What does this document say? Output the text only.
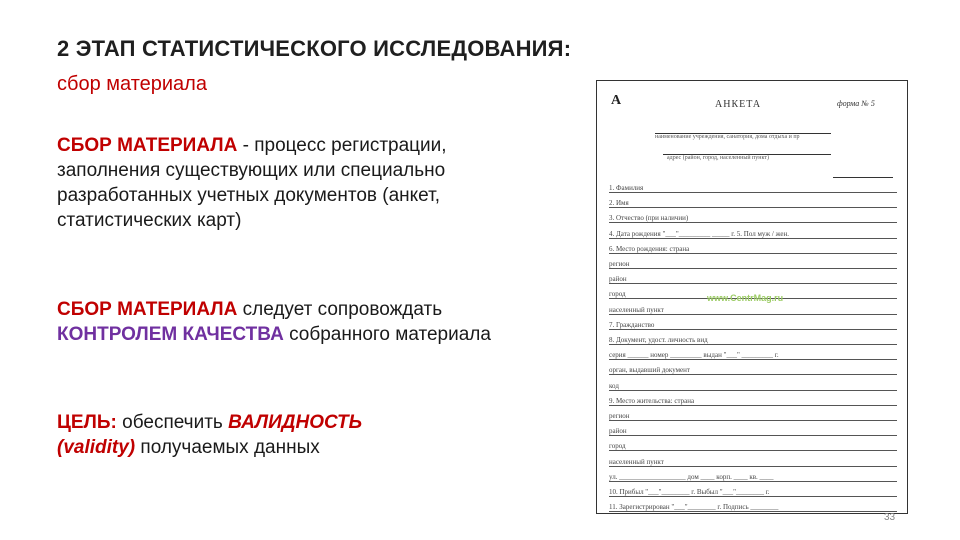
2 ЭТАП СТАТИСТИЧЕСКОГО ИССЛЕДОВАНИЯ:
сбор материала
СБОР МАТЕРИАЛА - процесс регистрации, заполнения существующих или специально разработанных учетных документов (анкет, статистических карт)
СБОР МАТЕРИАЛА следует сопровождать КОНТРОЛЕМ КАЧЕСТВА собранного материала
ЦЕЛЬ: обеспечить ВАЛИДНОСТЬ
(validity) получаемых данных
А	АНКЕТА	форма № 5
наименование учреждения, санатория, дома отдыха и пр
адрес (район, город, населенный пункт)
1. Фамилия
2. Имя
3. Отчество (при наличии)
4. Дата рождения "___"_________ _____ г. 5. Пол муж / жен.
6. Место рождения: страна
регион
район
город
населенный пункт
7. Гражданство
8. Документ, удост. личность вид
серия ______ номер _________ выдан "___" _________ г.
орган, выдавший документ
код
9. Место жительства: страна
регион
район
город
населенный пункт
ул. ___________________ дом ____ корп. ____ кв. ____
10. Прибыл "___"________ г. Выбыл "___"________ г.
11. Зарегистрирован "___"________ г. Подпись ________
www.CentrMag.ru
33
